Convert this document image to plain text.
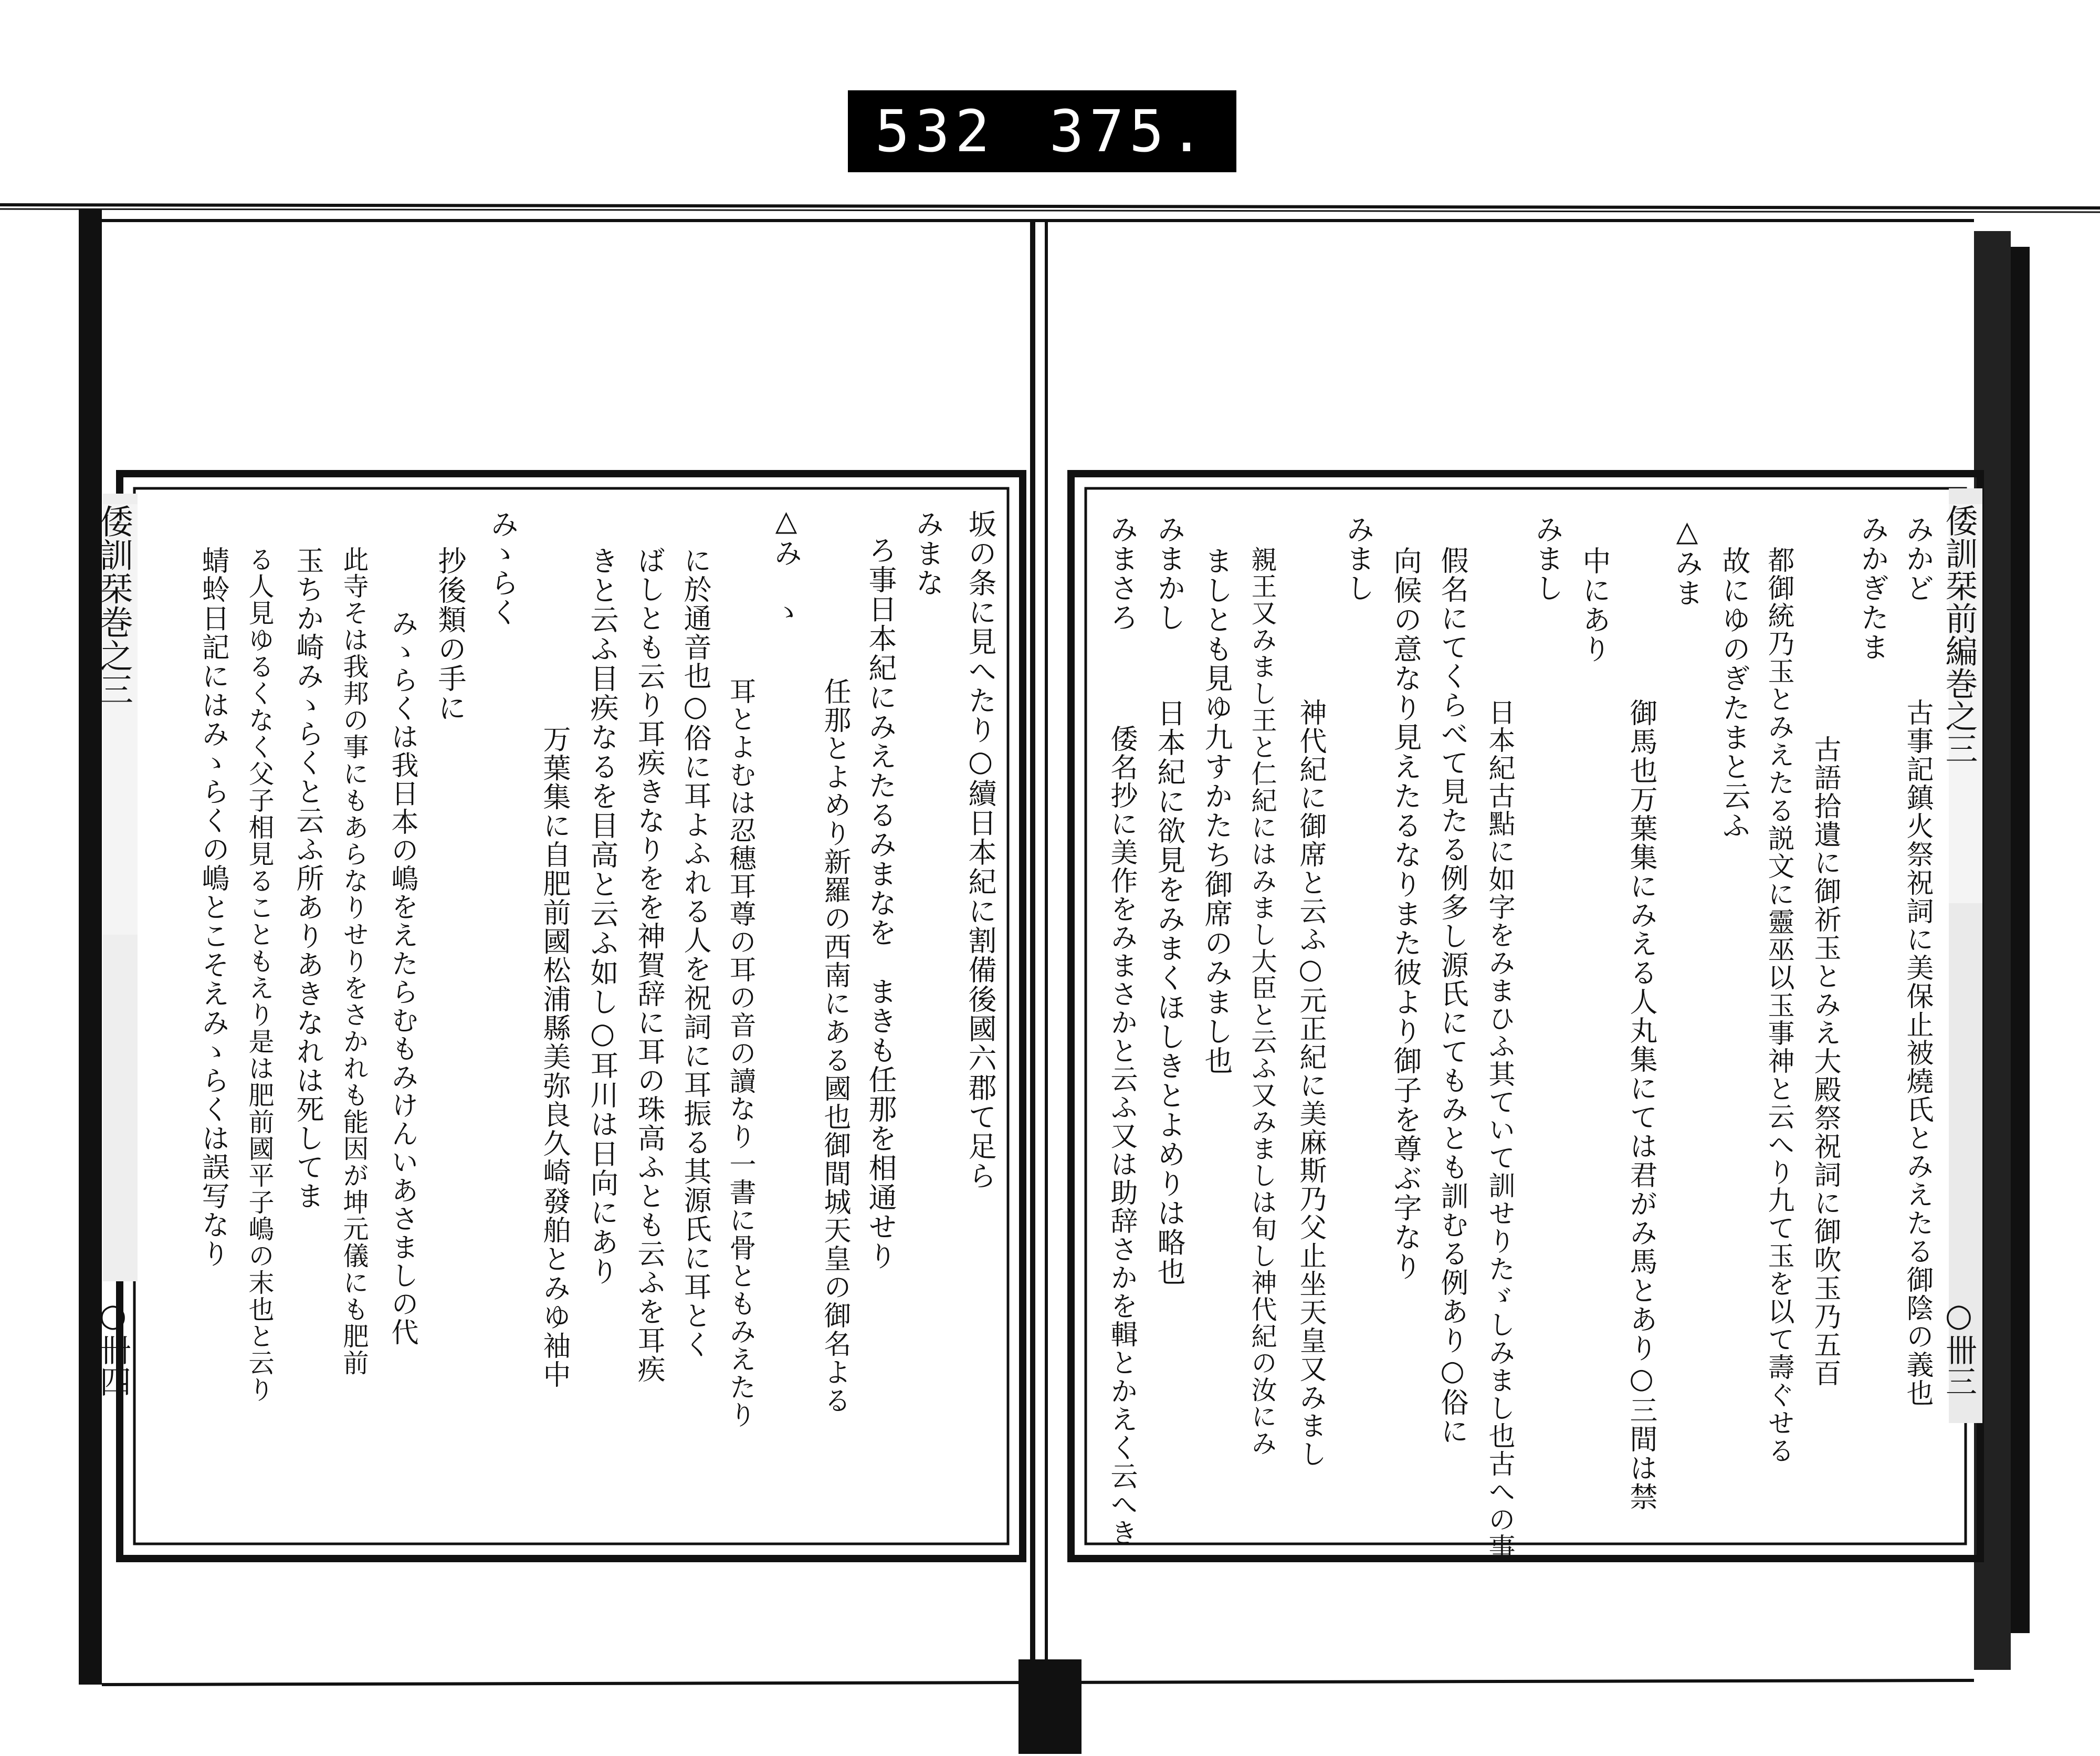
532 375.
倭訓栞巻之三
○卌四
坂の条に見へたり○續日本紀に割備後國六郡て足ら
みまな
ろ事日本紀にみえたるみまなを　まきも任那を相通せり
任那とよめり新羅の西南にある國也御間城天皇の御名よる
△み　ゝ
耳とよむは忍穗耳尊の耳の音の讀なり一書に骨ともみえたり
に於通音也○俗に耳よふれる人を祝詞に耳振る其源氏に耳とく
ばしとも云り耳疾きなりをを神賀辞に耳の珠高ふとも云ふを耳疾
きと云ふ目疾なるを目高と云ふ如し○耳川は日向にあり
みゝらく
万葉集に自肥前國松浦縣美弥良久崎發舶とみゆ袖中
抄後類の手に
みゝらくは我日本の嶋をえたらむもみけんいあさましの代
此寺そは我邦の事にもあらなりせりをさかれも能因が坤元儀にも肥前
玉ちか崎みゝらくと云ふ所ありあきなれは死してま
る人見ゆるくなく父子相見ることもえり是は肥前國平子嶋の末也と云り
蜻蛉日記にはみゝらくの嶋とこそえみゝらくは誤写なり	倭訓栞前編巻之三
○卌三
みかど
古事記鎮火祭祝詞に美保止被燒氏とみえたる御陰の義也
みかぎたま
古語拾遺に御祈玉とみえ大殿祭祝詞に御吹玉乃五百
都御統乃玉とみえたる説文に靈巫以玉事神と云へり九て玉を以て壽ぐせる
故にゆのぎたまと云ふ
△みま
御馬也万葉集にみえる人丸集にては君がみ馬とあり○三間は禁
中にあり
みまし
日本紀古點に如字をみまひふ其ていて訓せりたゞしみまし也古への事
假名にてくらべて見たる例多し源氏にてもみとも訓むる例あり○俗に
向候の意なり見えたるなりまた彼より御子を尊ぶ字なり
みまし
神代紀に御席と云ふ○元正紀に美麻斯乃父止坐天皇又みまし
親王又みまし王と仁紀にはみまし大臣と云ふ又みましは旬し神代紀の汝にみ
ましとも見ゆ九すかたち御席のみまし也
みまかし
日本紀に欲見をみまくほしきとよめりは略也
みまさろ
倭名抄に美作をみまさかと云ふ又は助辞さかを輯とかえく云へき
